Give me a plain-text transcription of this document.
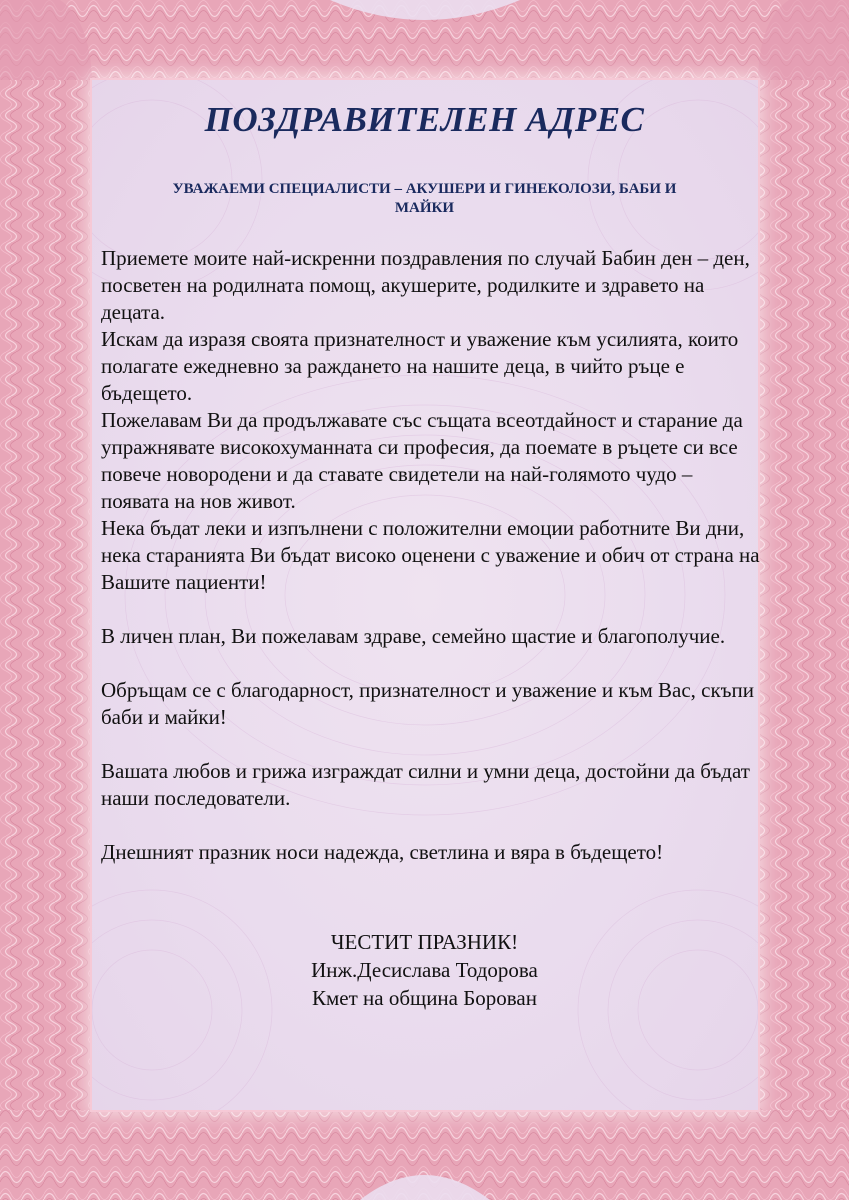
ПОЗДРАВИТЕЛЕН АДРЕС
УВАЖАЕМИ СПЕЦИАЛИСТИ – АКУШЕРИ И ГИНЕКОЛОЗИ, БАБИ И
МАЙКИ

Приемете моите най-искренни поздравления по случай Бабин ден – ден, посветен на родилната помощ, акушерите, родилките и здравето на децата.

Искам да изразя своята признателност и уважение към усилията, които полагате ежедневно за раждането на нашите деца, в чийто ръце е бъдещето.

Пожелавам Ви да продължавате със същата всеотдайност и старание да упражнявате високохуманната си професия, да поемате в ръцете си все повече новородени и да ставате свидетели на най-голямото чудо – появата на нов живот.

Нека бъдат леки и изпълнени с положителни емоции работните Ви дни, нека старанията Ви бъдат високо оценени с уважение и обич от страна на Вашите пациенти!

В личен план, Ви пожелавам здраве, семейно щастие и благополучие.

Обръщам се с благодарност, признателност и уважение и към Вас, скъпи баби и майки!

Вашата любов и грижа изграждат силни и умни деца, достойни да бъдат наши последователи.

Днешният празник носи надежда, светлина и вяра в бъдещето!

ЧЕСТИТ ПРАЗНИК!
Инж.Десислава Тодорова
Кмет на община Борован
